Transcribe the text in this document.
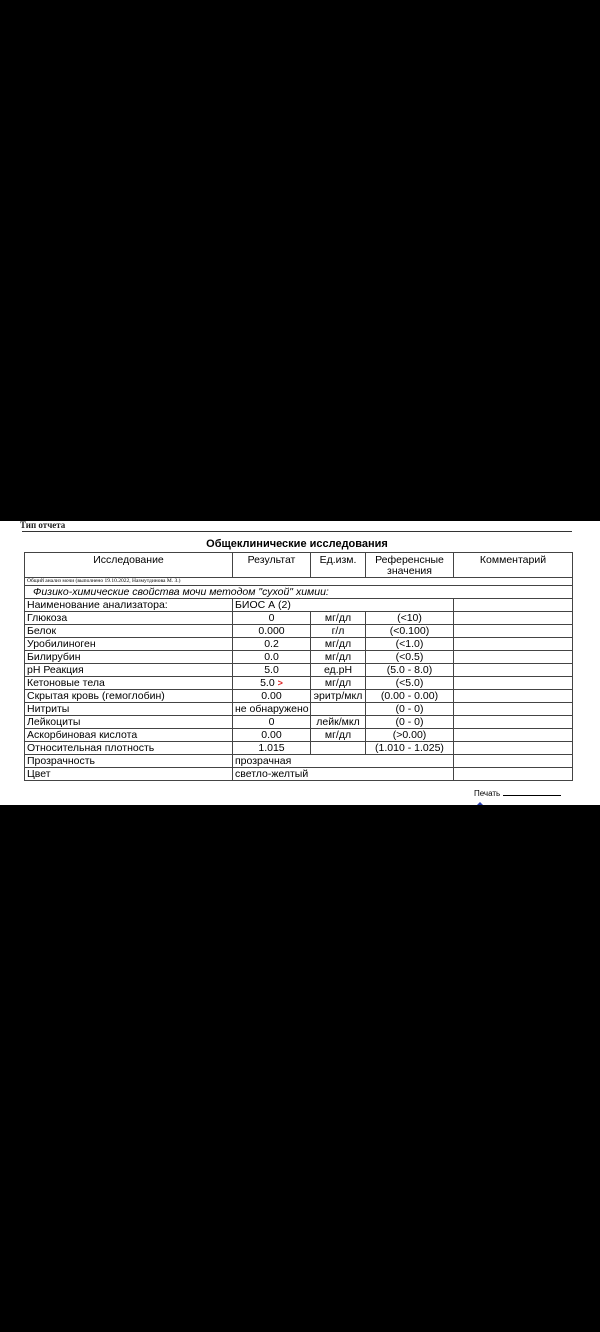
Тип отчета
Общеклинические исследования
Исследование	Результат	Ед.изм.	Референсные значения	Комментарий
Общий анализ мочи (выполнено 19.10.2022, Назмутдинова М. З.)				
Физико-химические свойства мочи методом "сухой" химии:				
Наименование анализатора:	БИОС А (2)			
Глюкоза	0	мг/дл	(<10)	
Белок	0.000	г/л	(<0.100)	
Уробилиноген	0.2	мг/дл	(<1.0)	
Билирубин	0.0	мг/дл	(<0.5)	
pH Реакция	5.0	ед.pH	(5.0 - 8.0)	
Кетоновые тела	5.0 >	мг/дл	(<5.0)	
Скрытая кровь (гемоглобин)	0.00	эритр/мкл	(0.00 - 0.00)	
Нитриты	не обнаружено		(0 - 0)	
Лейкоциты	0	лейк/мкл	(0 - 0)	
Аскорбиновая кислота	0.00	мг/дл	(>0.00)	
Относительная плотность	1.015		(1.010 - 1.025)	
Прозрачность	прозрачная			
Цвет	светло-желтый			
Печать
